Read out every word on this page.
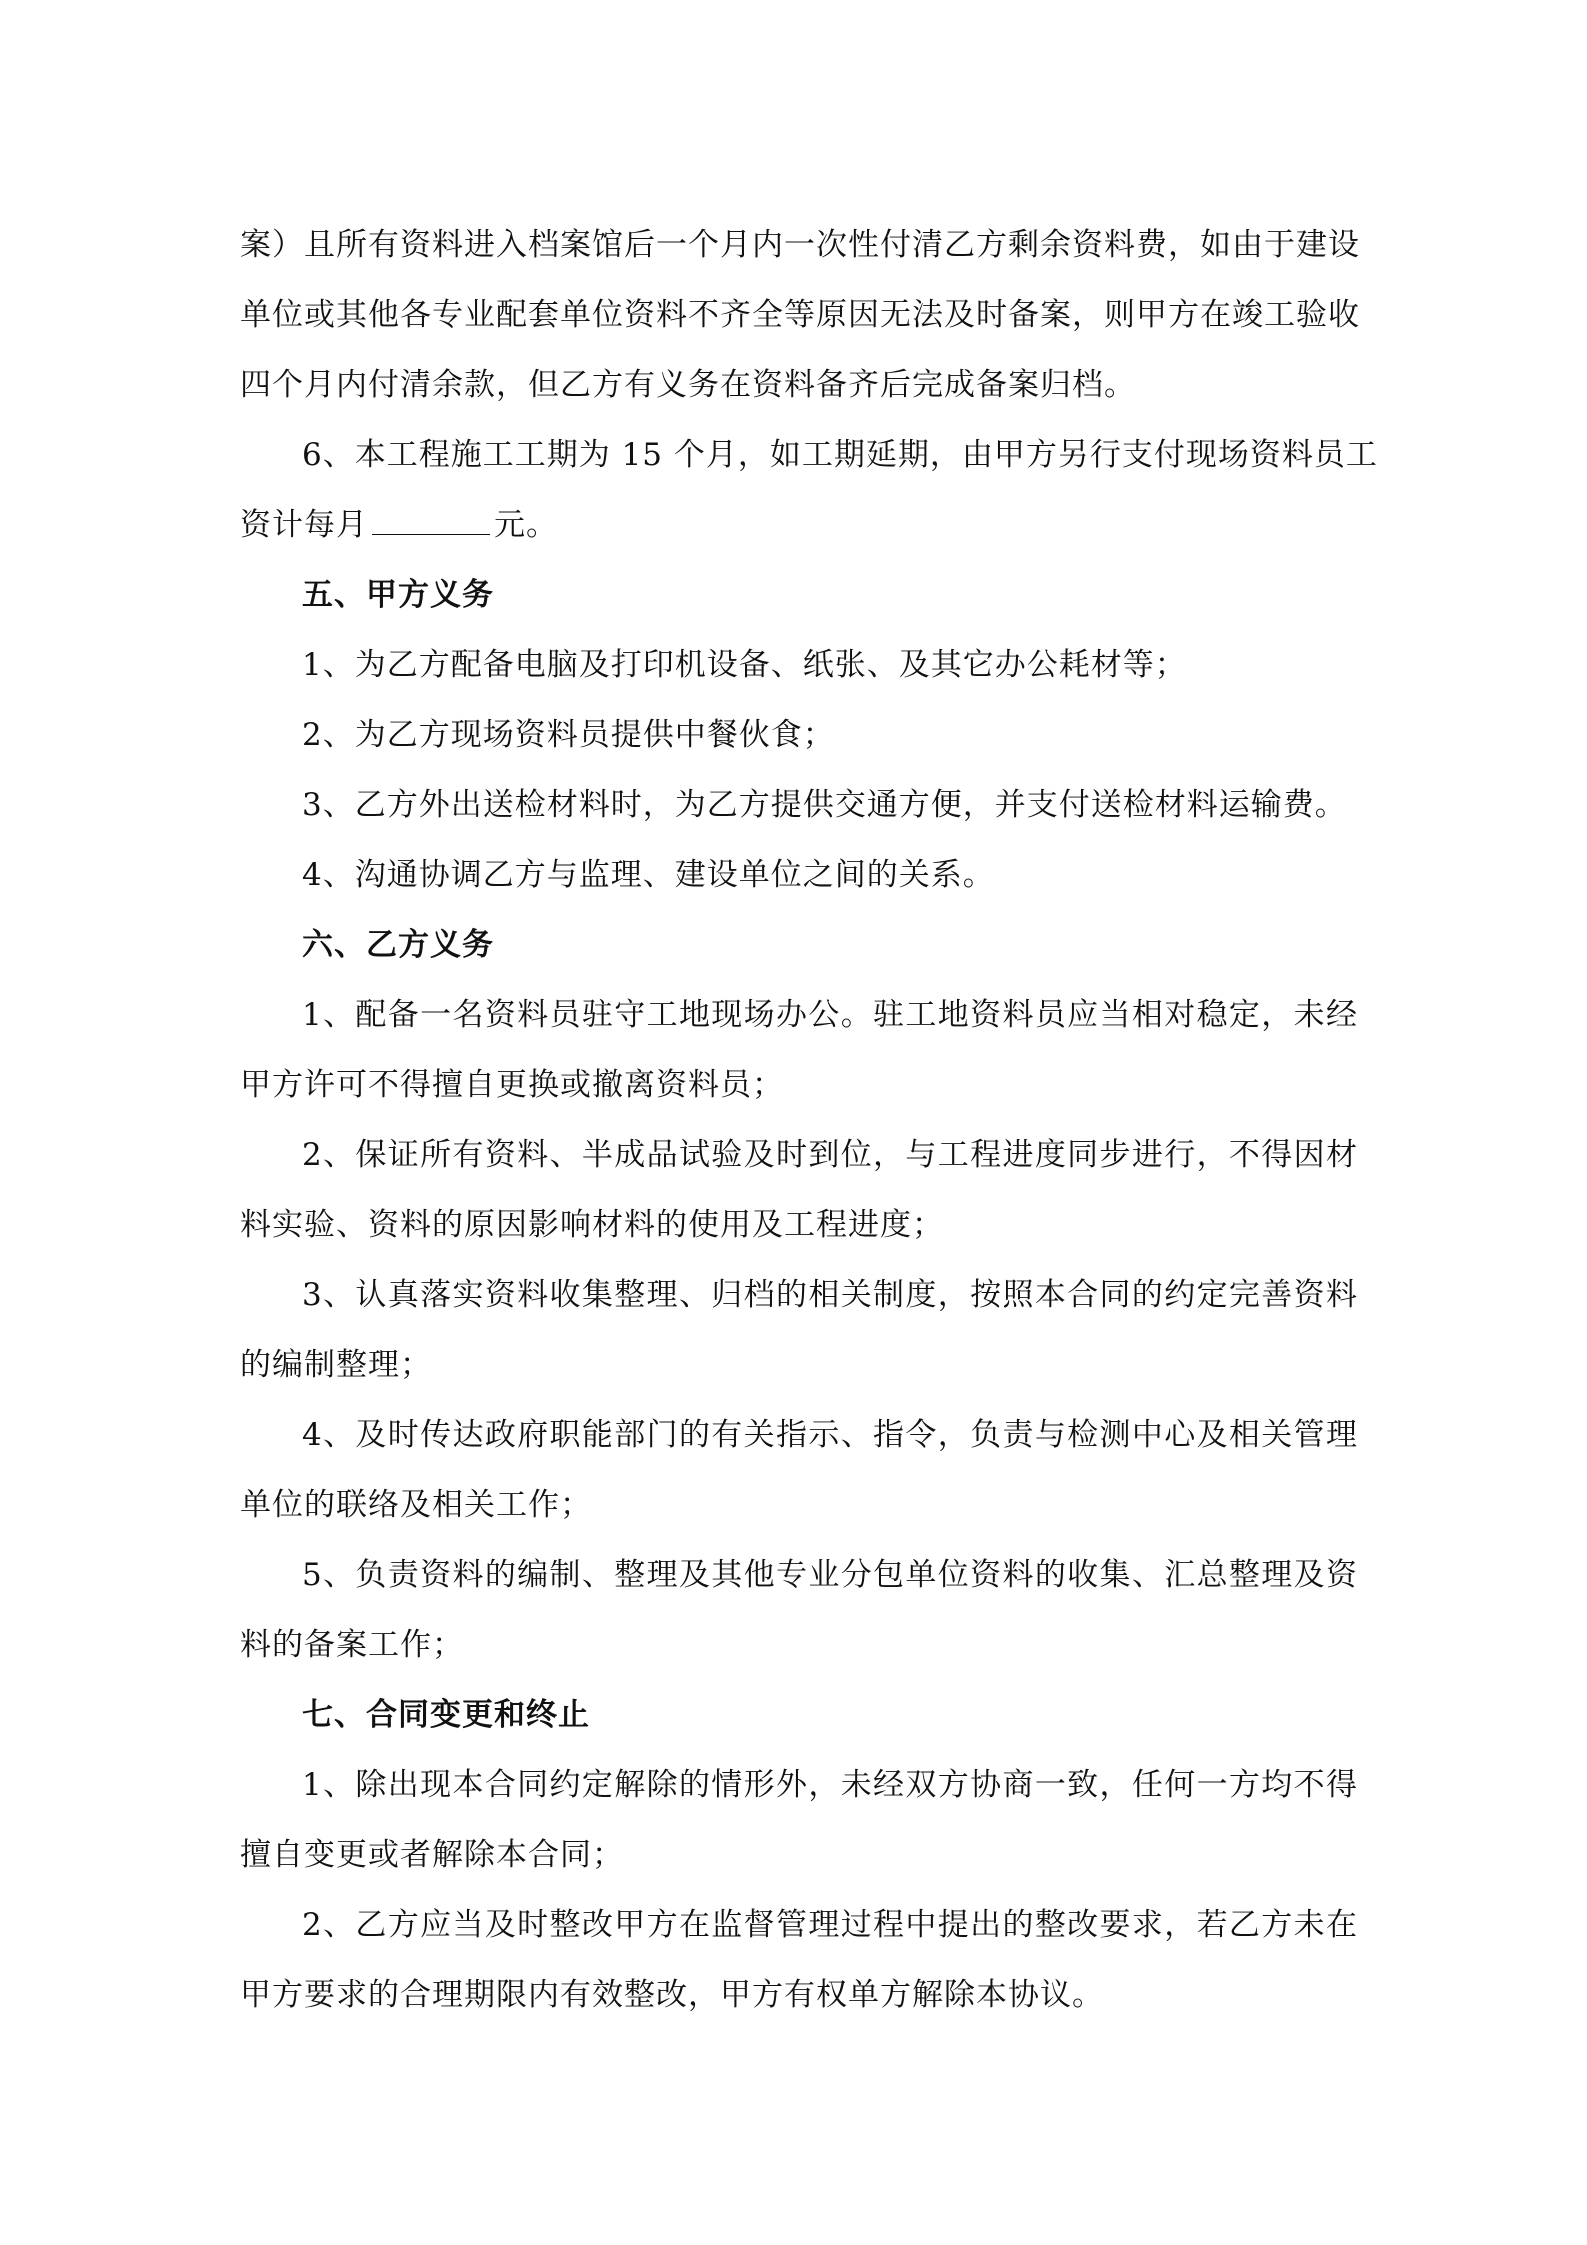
案）且所有资料进入档案馆后一个月内一次性付清乙方剩余资料费，如由于建设
单位或其他各专业配套单位资料不齐全等原因无法及时备案，则甲方在竣工验收
四个月内付清余款，但乙方有义务在资料备齐后完成备案归档。
6、本工程施工工期为 15 个月，如工期延期，由甲方另行支付现场资料员工
资计每月	元。
五、甲方义务
1、为乙方配备电脑及打印机设备、纸张、及其它办公耗材等；
2、为乙方现场资料员提供中餐伙食；
3、乙方外出送检材料时，为乙方提供交通方便，并支付送检材料运输费。
4、沟通协调乙方与监理、建设单位之间的关系。
六、乙方义务
1、配备一名资料员驻守工地现场办公。驻工地资料员应当相对稳定，未经
甲方许可不得擅自更换或撤离资料员；
2、保证所有资料、半成品试验及时到位，与工程进度同步进行，不得因材
料实验、资料的原因影响材料的使用及工程进度；
3、认真落实资料收集整理、归档的相关制度，按照本合同的约定完善资料
的编制整理；
4、及时传达政府职能部门的有关指示、指令，负责与检测中心及相关管理
单位的联络及相关工作；
5、负责资料的编制、整理及其他专业分包单位资料的收集、汇总整理及资
料的备案工作；
七、合同变更和终止
1、除出现本合同约定解除的情形外，未经双方协商一致，任何一方均不得
擅自变更或者解除本合同；
2、乙方应当及时整改甲方在监督管理过程中提出的整改要求，若乙方未在
甲方要求的合理期限内有效整改，甲方有权单方解除本协议。
